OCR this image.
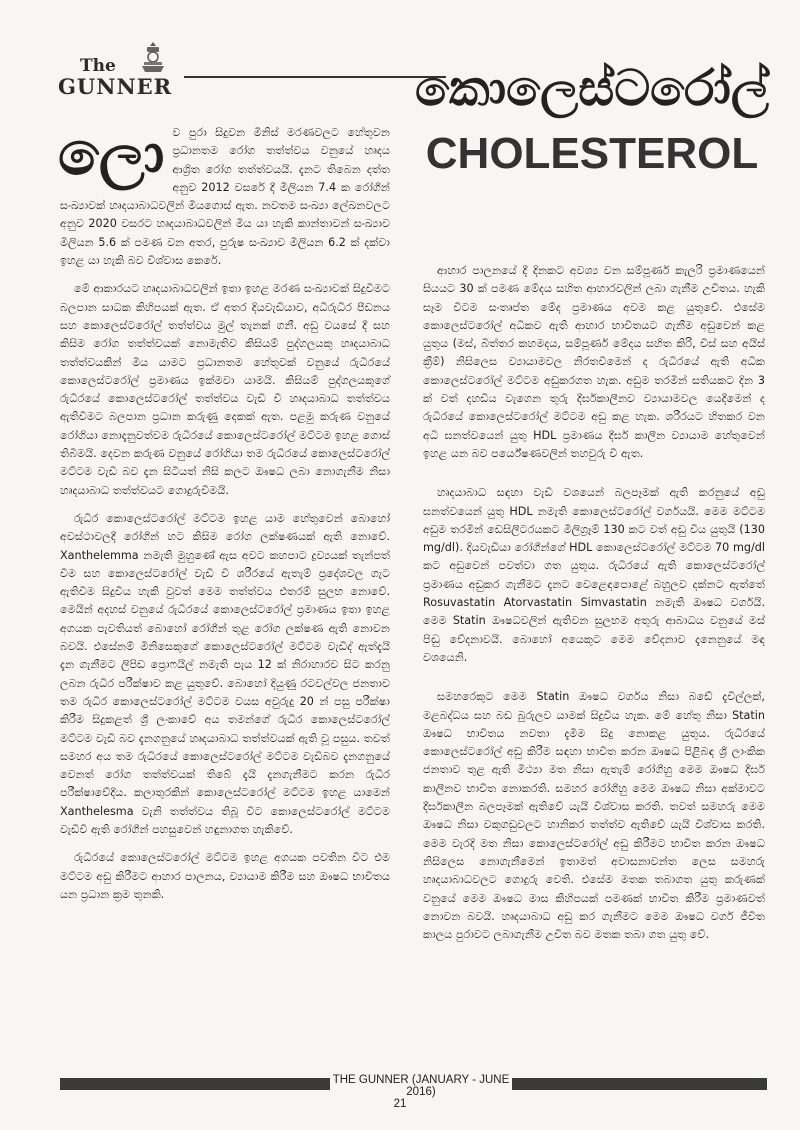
The
GUNNER	කොලෙස්ටරෝල්
CHOLESTEROL

ලොව පුරා සිදුවන මිනිස් මරණවලට හේතුවන ප්‍රධානතම රෝග තත්ත්වය වනුයේ හෘදය ආශ්‍රිත රෝග තත්ත්වයයි. දැනට තිබෙන දත්ත අනුව 2012 වසරේ දී මිලියන 7.4 ක රෝගීන් සංඛ්‍යාවක් හෘදයාබාධවලින් මියගොස් ඇත. නවතම සංඛ්‍යා ලේඛනවලට අනුව 2020 වසරට හෘදයාබාධවලින් මිය යා හැකි කාන්තාවන් සංඛ්‍යාව මිලියන 5.6 ක් පමණ වන අතර, පුරුෂ සංඛ්‍යාව මිලියන 6.2 ක් දක්වා ඉහළ යා හැකි බව විශ්වාස කෙරේ.

මේ ආකාරයට හෘදයාබාධවලින් ඉතා ඉහළ මරණ සංඛ්‍යාවක් සිදුවීමට බලපාන සාධක කිහිපයක් ඇත. ඒ අතර දියවැඩියාව, අධිරුධිර පීඩනය සහ කොලෙස්ටරෝල් තත්ත්වය මුල් තැනක් ගනී. අඩු වයසේ දී සහ කිසිම රෝග තත්ත්වයක් නොමැතිව කිසියම් පුද්ගලයකු හෘදයාබාධ තත්ත්වයකින් මිය යාමට ප්‍රධානතම හේතුවක් වනුයේ රුධිරයේ කොලෙස්ටරෝල් ප්‍රමාණය ඉක්මවා යාමයි. කිසියම් පුද්ගලයකුගේ රුධිරයේ කොලෙස්ටරෝල් තත්ත්වය වැඩි වී හෘදයාබාධ තත්ත්වය ඇතිවීමට බලපාන ප්‍රධාන කරුණු දෙකක් ඇත. පළමු කරුණ වනුයේ රෝගියා නොදැනුවත්වම රුධිරයේ කොලෙස්ටරෝල් මට්ටම ඉහළ ගොස් තිබීමයි. දෙවන කරුණ වනුයේ රෝගියා තම රුධිරයේ කොලෙස්ටරෝල් මට්ටම වැඩි බව දැන සිටියත් නිසි කලට ඖෂධ ලබා නොගැනීම නිසා හෘදයාබාධ තත්ත්වයට ගොදුරුවීමයි.

රුධිර කොලෙස්ටරෝල් මට්ටම ඉහළ යාම හේතුවෙන් බොහෝ අවස්ථාවලදී රෝගීන් හට කිසිම රෝග ලක්ෂණයක් ඇති නොවේ. Xanthelemma නමැති මුහුණේ ඇස අවට කහපාට ද්‍රව්‍යයක් තැන්පත් වීම සහ කොලෙස්ටරෝල් වැඩි වී ශරීරයේ ඇතැම් ප්‍රදේශවල ගැට ඇතිවීම සිදුවිය හැකි වුවත් මෙම තත්ත්වය එතරම් සුලභ නොවේ. මෙයින් අදහස් වනුයේ රුධිරයේ කොලෙස්ටරෝල් ප්‍රමාණය ඉතා ඉහළ අගයක පැවතියත් බොහෝ රෝගීන් තුළ රෝග ලක්ෂණ ඇති නොවන බවයි. එසේනම් මිනිසෙකුගේ කොලෙස්ටරෝල් මට්ටම වැඩිද් ඇත්දැයි දැන ගැනීමට ලිපිඩ ප්‍රොෆයිල් නමැති පැය 12 ක් නිරාහාරව සිට කරනු ලබන රුධිර පරීක්ෂාව කළ යුතුවේ. බොහෝ දියුණු රටවල්වල ජනතාව තම රුධිර කොලෙස්ටරෝල් මට්ටම වයස අවුරුදු 20 න් පසු පරීක්ෂා කිරීම සිදුකළත් ශ්‍රී ලංකාවේ අය තමන්ගේ රුධිර කොලෙස්ටරෝල් මට්ටම වැඩි බව දැනගනුයේ හෘදයාබාධ තත්ත්වයක් ඇති වූ පසුය. තවත් සමහර අය තම රුධිරයේ කොලෙස්ටරෝල් මට්ටම වැඩිබව දැනගනුයේ වෙනත් රෝග තත්ත්වයක් තිබේ දැයි දැනගැනීමට කරන රුධිර පරීක්ෂාවේදීය. කලාතුරකින් කොලෙස්ටරෝල් මට්ටම ඉහළ යාමෙන් Xanthelesma වැනි තත්ත්වය තිබූ විට කොලෙස්ටරෝල් මට්ටම වැඩිවී ඇති රෝගීන් පහසුවෙන් හඳුනාගත හැකිවේ.

රුධිරයේ කොලෙස්ටරෝල් මට්ටම ඉහළ අගයක පවතින විට එම මට්ටම අඩු කිරීමට ආහාර පාලනය, ව්‍යායාම කිරීම සහ ඖෂධ භාවිතය යන ප්‍රධාන ක්‍රම තුනකි.

ආහාර පාලනයේ දී දිනකට අවශ්‍ය වන සම්පූර්ණ කැලරි ප්‍රමාණයෙන් සියයට 30 ක් පමණ මේදය සහිත ආහාරවලින් ලබා ගැනීම උචිතය. හැකි සෑම විටම සංතෘප්ත මේද ප්‍රමාණය අවම කළ යුතුවේ. එසේම කොලෙස්ටරෝල් අධිකව ඇති ආහාර භාවිතයට ගැනීම අඩුවෙන් කළ යුතුය (මස්, බිත්තර කහමදය, සම්පූර්ණ මේදය සහිත කිරි, චීස් සහ අයිස් ක්‍රීම්) නිසිලෙස ව්‍යායාමවල නිරතවීමෙන් ද රුධිරයේ ඇති අධික කොලෙස්ටරෝල් මට්ටම අඩුකරගත හැක. අඩුම තරමින් සතියකට දින 3 ක් වත් දහඩිය වැගෙන තුරු දීර්ඝකාලීනව ව්‍යායාමවල යෙදීමෙන් ද රුධිරයේ කොලෙස්ටරෝල් මට්ටම අඩු කළ හැක. ශරීරයට හිතකර වන අධි ඝනත්වයෙන් යුතු HDL ප්‍රමාණය දීර්ඝ කාලීන ව්‍යායාම හේතුවෙන් ඉහළ යන බව පර්යේෂණවලින් තහවුරු වී ඇත.

හෘදයාබාධ සඳහා වැඩි වශයෙන් බලපෑමක් ඇති කරනුයේ අඩු ඝනත්වයෙන් යුතු HDL නමැති කොලෙස්ටරෝල් වර්ගයයි. මෙම මට්ටම අඩුම තරමින් ඩෙසිලීටරයකට මිලිග්‍රෑම් 130 කට වත් අඩු විය යුතුයි (130 mg/dl). දියවැඩියා රෝගීන්ගේ HDL කොලෙස්ටරෝල් මට්ටම 70 mg/dl කට අඩුවෙන් පවත්වා ගත යුතුය. රුධිරයේ ඇති කොලෙස්ටරෝල් ප්‍රමාණය අඩුකර ගැනීමට දැනට වෙළෙඳපොළේ බහුලව දක්නට ඇත්තේ Rosuvastatin Atorvastatin Simvastatin නමැති ඖෂධ වර්ගයි. මෙම Statin ඖෂධවලින් ඇතිවන සුලභම අතුරු ආබාධය වනුයේ මස් පිඬු වේදනාවයි. බොහෝ අයෙකුට මෙම වේදනාව දැනෙනුයේ මඳ වශයෙනි.

සමහරෙකුට මෙම Statin ඖෂධ වර්ගය නිසා බඩේ දැවිල්ලක්, මළබද්ධය සහ බඩ බුරුලව යාමක් සිදුවිය හැක. මේ හේතු නිසා Statin ඖෂධ භාවිතය නවතා දැමීම සිදු නොකළ යුතුය. රුධිරයේ කොලෙස්ටරෝල් අඩු කිරීම සඳහා භාවිත කරන ඖෂධ පිළිබඳ ශ්‍රී ලාංකික ජනතාව තුළ ඇති මිථ්‍යා මත නිසා ඇතැම් රෝගීහු මෙම ඖෂධ දීර්ඝ කාලීනව භාවිත නොකරති. සමහර රෝගීහු මෙම ඖෂධ නිසා අක්මාවට දීර්ඝකාලීන බලපෑමක් ඇතිවේ යැයි විශ්වාස කරති. තවත් සමහරු මෙම ඖෂධ නිසා වකුගඩුවලට හානිකර තත්ත්ව ඇතිවේ යැයි විශ්වාස කරති. මෙම වැරදි මත නිසා කොලෙස්ටරෝල් අඩු කිරීමට භාවිත කරන ඖෂධ නිසිලෙස නොගැනීමෙන් ඉතාමත් අවාසනාවන්ත ලෙස සමහරු හෘදයාබාධවලට ගොදුරු වෙති. එසේම මතක තබාගත යුතු කරුණක් වනුයේ මෙම ඖෂධ මාස කිහිපයක් පමණක් භාවිත කිරීම ප්‍රමාණවත් නොවන බවයි. හෘදයාබාධ අඩු කර ගැනීමට මෙම ඖෂධ වර්ග ජීවිත කාලය පුරාවට ලබාගැනීම උචිත බව මතක තබා ගත යුතු වේ.

THE GUNNER (JANUARY - JUNE 2016)
21
